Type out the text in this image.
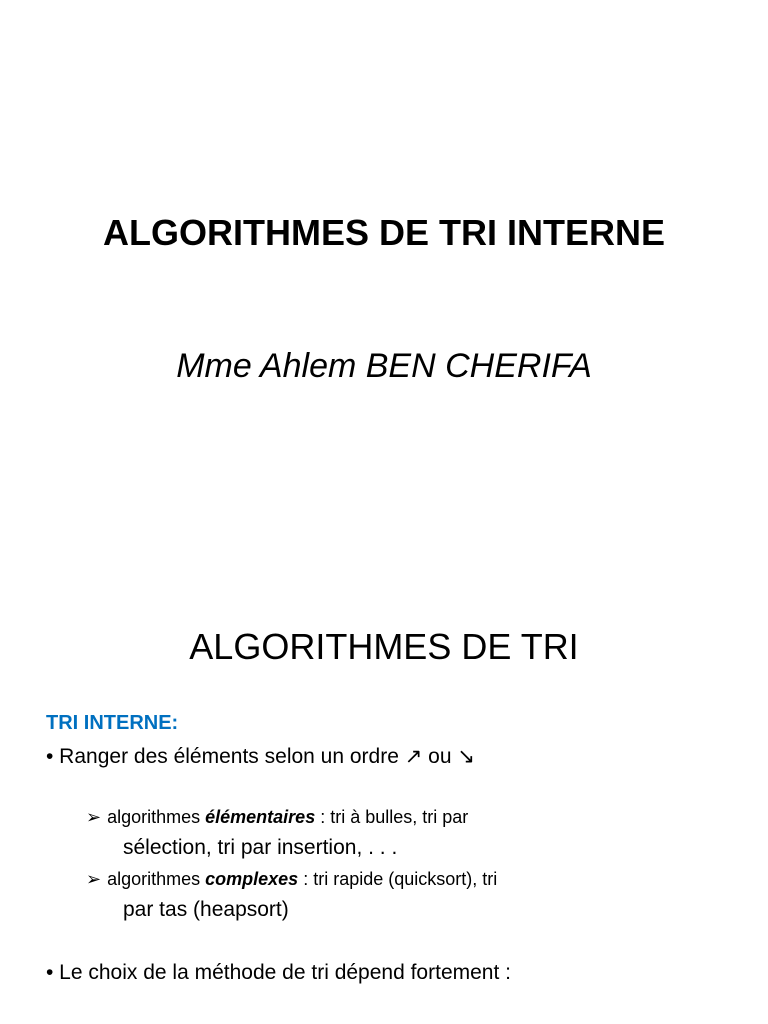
ALGORITHMES DE TRI INTERNE

Mme Ahlem BEN CHERIFA

ALGORITHMES DE TRI

TRI INTERNE:

• Ranger des éléments selon un ordre ↗ ou ↘

➢ algorithmes élémentaires : tri à bulles, tri par

sélection, tri par insertion, . . .

➢ algorithmes complexes : tri rapide (quicksort), tri

par tas (heapsort)

• Le choix de la méthode de tri dépend fortement :
